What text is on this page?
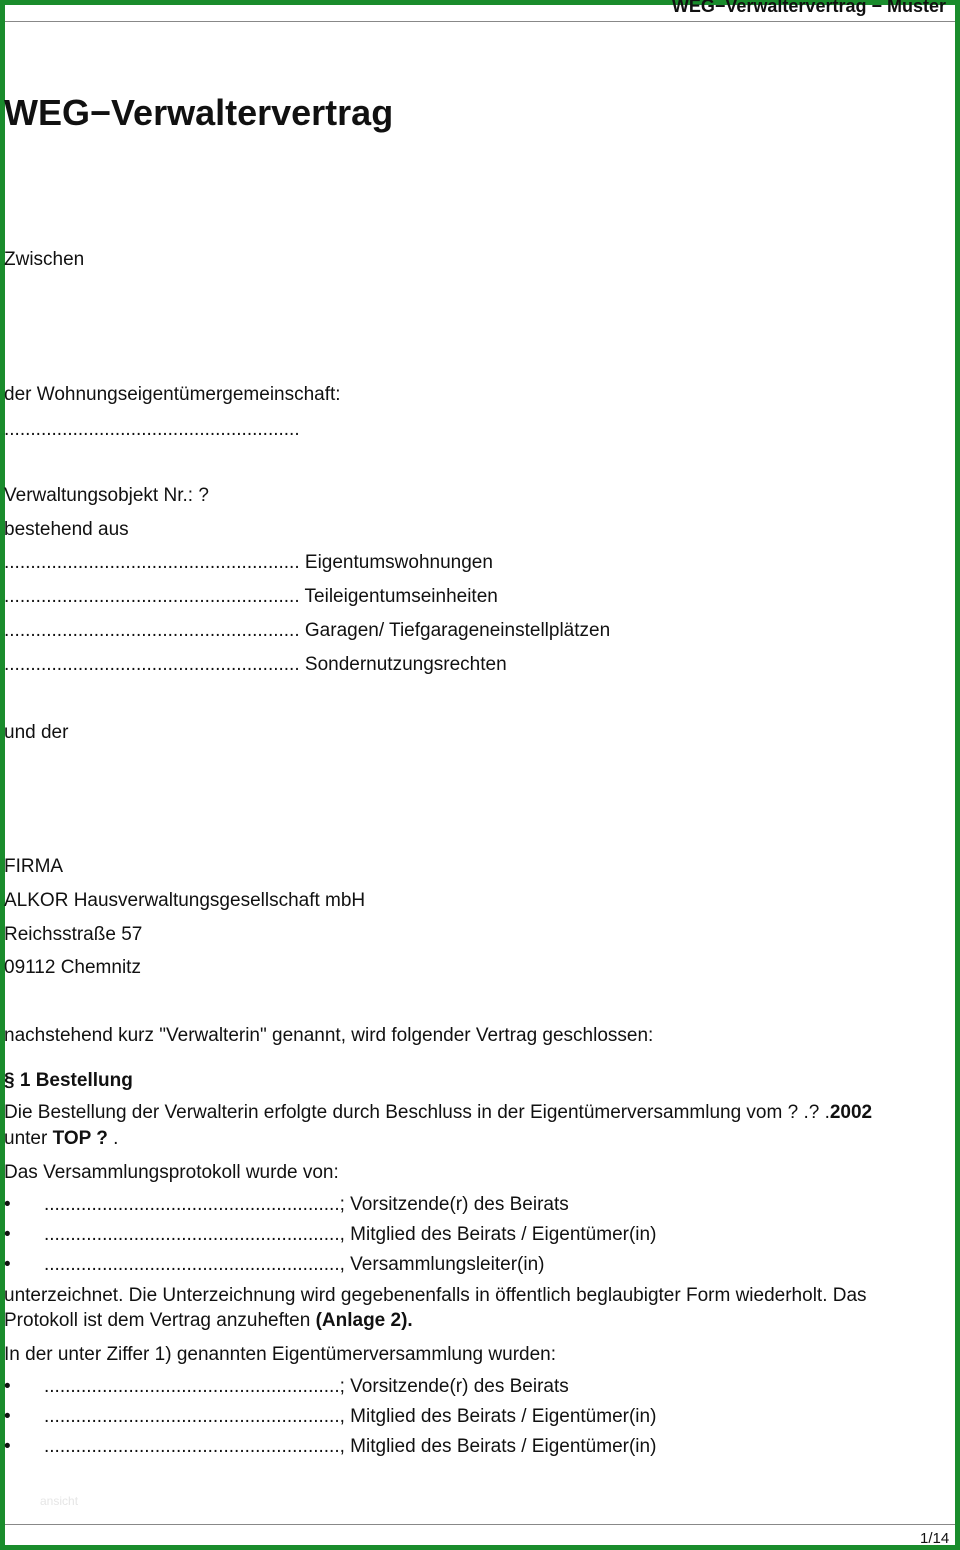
WEG−Verwaltervertrag − Muster
WEG−Verwaltervertrag
Zwischen
der Wohnungseigentümergemeinschaft:
........................................................
Verwaltungsobjekt Nr.: ?
bestehend aus
........................................................ Eigentumswohnungen
........................................................ Teileigentumseinheiten
........................................................ Garagen/ Tiefgarageneinstellplätzen
........................................................ Sondernutzungsrechten
und der
FIRMA
ALKOR Hausverwaltungsgesellschaft mbH
Reichsstraße 57
09112 Chemnitz
nachstehend kurz "Verwalterin" genannt, wird folgender Vertrag geschlossen:
§ 1 Bestellung
Die Bestellung der Verwalterin erfolgte durch Beschluss in der Eigentümerversammlung vom ? .? .2002
unter TOP ? .
Das Versammlungsprotokoll wurde von:
• ........................................................; Vorsitzende(r) des Beirats
• ........................................................, Mitglied des Beirats / Eigentümer(in)
• ........................................................, Versammlungsleiter(in)
unterzeichnet. Die Unterzeichnung wird gegebenenfalls in öffentlich beglaubigter Form wiederholt. Das
Protokoll ist dem Vertrag anzuheften (Anlage 2).
In der unter Ziffer 1) genannten Eigentümerversammlung wurden:
• ........................................................; Vorsitzende(r) des Beirats
• ........................................................, Mitglied des Beirats / Eigentümer(in)
• ........................................................, Mitglied des Beirats / Eigentümer(in)
ansicht
1/14
